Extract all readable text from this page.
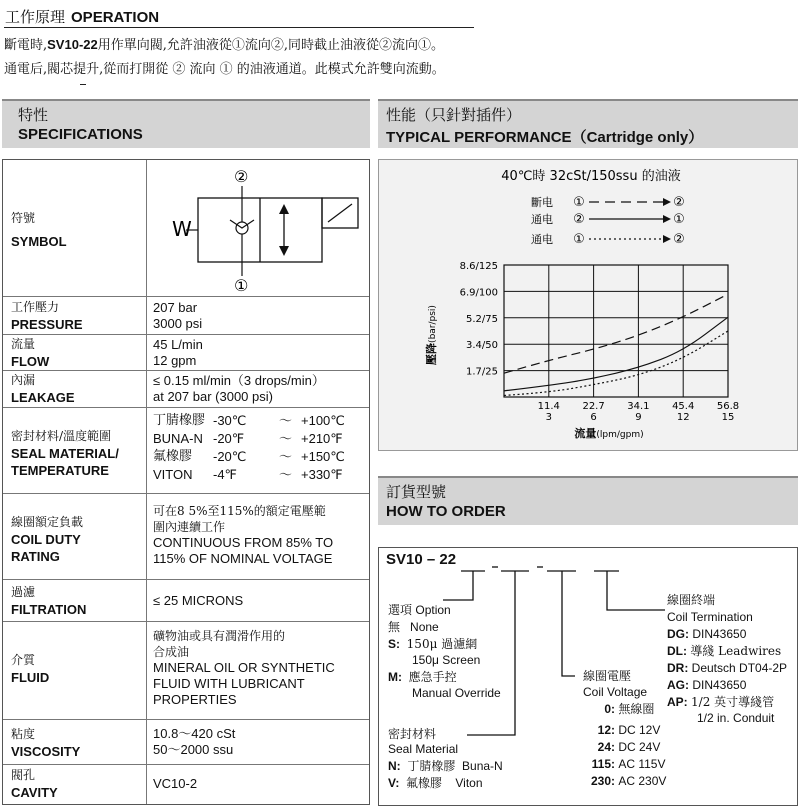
工作原理 OPERATION
斷電時,SV10-22用作單向閥,允許油液從①流向②,同時截止油液從②流向①。
通電后,閥芯提升,從而打開從 ② 流向 ① 的油液通道。此模式允許雙向流動。
特性
SPECIFICATIONS
性能（只針對插件）
TYPICAL PERFORMANCE（Cartridge only）
訂貨型號
HOW TO ORDER
符號
SYMBOL
②
W
①
工作壓力
PRESSURE
207 bar
3000 psi
流量
FLOW
45 L/min
12 gpm
內漏
LEAKAGE
≤ 0.15 ml/min（3 drops/min）
at 207 bar (3000 psi)
密封材料/溫度範圍
SEAL MATERIAL/
TEMPERATURE
丁腈橡膠 -30℃	～ +100℃
BUNA-N -20℉	～ +210℉
氟橡膠	-20℃	～ +150℃
VITON	-4℉	～ +330℉
線圈額定負載
COIL DUTY
RATING
可在8 5%至115%的額定電壓範
圍內連續工作
CONTINUOUS FROM 85% TO
115% OF NOMINAL VOLTAGE
過濾
FILTRATION
≤ 25 MICRONS
介質
FLUID
礦物油或具有潤滑作用的
合成油
MINERAL OIL OR SYNTHETIC
FLUID WITH LUBRICANT
PROPERTIES
粘度
VISCOSITY
10.8～420 cSt
50～2000 ssu
閥孔
CAVITY
VC10-2
40℃時 32cSt/150ssu 的油液
斷电 ①	②
通电 ②	①
通电 ①	②
8.6/125
6.9/100
5.2/75
3.4/50
1.7/25
11.4
3
22.7
6
34.1
9
45.4
12
56.8
15
壓降(bar/psi)
流量(lpm/gpm)
SV10 – 22
選項 Option
無 None
S: 150μ 過濾網
150μ Screen
M: 應急手控
Manual Override
密封材料
Seal Material
N: 丁腈橡膠 Buna-N
V: 氟橡膠 Viton
線圈電壓
Coil Voltage
0: 無線圈
12: DC 12V
24: DC 24V
115: AC 115V
230: AC 230V
線圈終端
Coil Termination
DG: DIN43650
DL: 導綫 Leadwires
DR: Deutsch DT04-2P
AG: DIN43650
AP: 1/2 英寸導綫管
1/2 in. Conduit
